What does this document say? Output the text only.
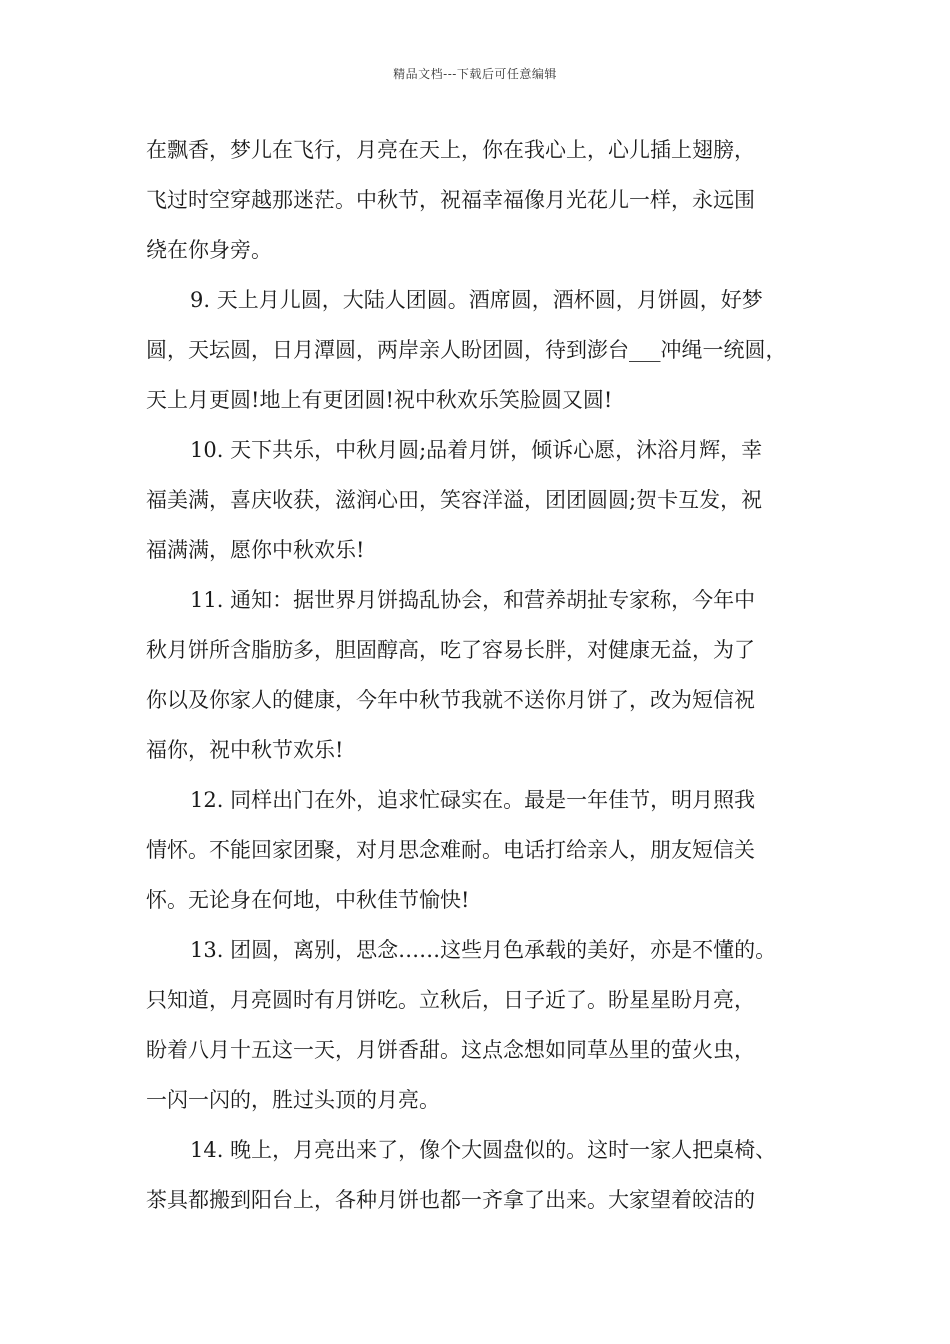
精品文档---下载后可任意编辑
在飘香，梦儿在飞行，月亮在天上，你在我心上，心儿插上翅膀，
飞过时空穿越那迷茫。中秋节，祝福幸福像月光花儿一样，永远围
绕在你身旁。
9. 天上月儿圆，大陆人团圆。酒席圆，酒杯圆，月饼圆，好梦
圆，天坛圆，日月潭圆，两岸亲人盼团圆，待到澎台___冲绳一统圆，
天上月更圆!地上有更团圆!祝中秋欢乐笑脸圆又圆!
10. 天下共乐，中秋月圆;品着月饼，倾诉心愿，沐浴月辉，幸
福美满，喜庆收获，滋润心田，笑容洋溢，团团圆圆;贺卡互发，祝
福满满，愿你中秋欢乐!
11. 通知：据世界月饼捣乱协会，和营养胡扯专家称，今年中
秋月饼所含脂肪多，胆固醇高，吃了容易长胖，对健康无益，为了
你以及你家人的健康，今年中秋节我就不送你月饼了，改为短信祝
福你，祝中秋节欢乐!
12. 同样出门在外，追求忙碌实在。最是一年佳节，明月照我
情怀。不能回家团聚，对月思念难耐。电话打给亲人，朋友短信关
怀。无论身在何地，中秋佳节愉快!
13. 团圆，离别，思念……这些月色承载的美好，亦是不懂的。
只知道，月亮圆时有月饼吃。立秋后，日子近了。盼星星盼月亮，
盼着八月十五这一天，月饼香甜。这点念想如同草丛里的萤火虫，
一闪一闪的，胜过头顶的月亮。
14. 晚上，月亮出来了，像个大圆盘似的。这时一家人把桌椅、
茶具都搬到阳台上，各种月饼也都一齐拿了出来。大家望着皎洁的
